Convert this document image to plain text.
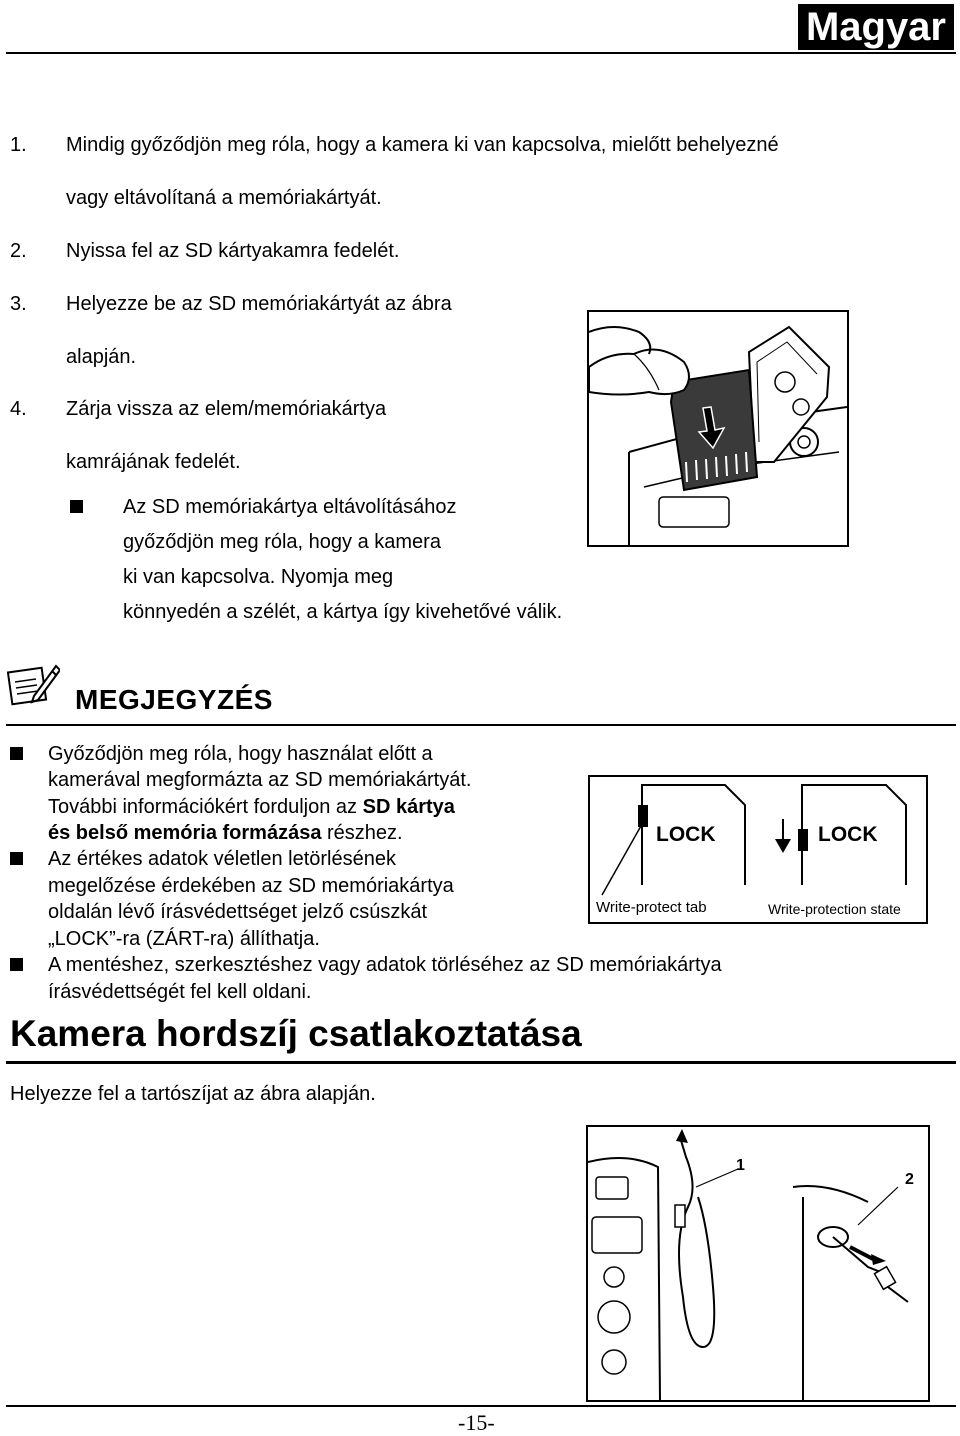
Magyar
1. Mindig győződjön meg róla, hogy a kamera ki van kapcsolva, mielőtt behelyezné
vagy eltávolítaná a memóriakártyát.
2. Nyissa fel az SD kártyakamra fedelét.
3. Helyezze be az SD memóriakártyát az ábra
alapján.
4. Zárja vissza az elem/memóriakártya
kamrájának fedelét.
Az SD memóriakártya eltávolításához
győződjön meg róla, hogy a kamera
ki van kapcsolva. Nyomja meg
könnyedén a szélét, a kártya így kivehetővé válik.
MEGJEGYZÉS
Győződjön meg róla, hogy használat előtt a
kamerával megformázta az SD memóriakártyát.
További információkért forduljon az SD kártya
és belső memória formázása részhez.
Az értékes adatok véletlen letörlésének
megelőzése érdekében az SD memóriakártya
oldalán lévő írásvédettséget jelző csúszkát
„LOCK”-ra (ZÁRT-ra) állíthatja.
A mentéshez, szerkesztéshez vagy adatok törléséhez az SD memóriakártya
írásvédettségét fel kell oldani.
LOCK	LOCK
Write-protect tab	Write-protection state
Kamera hordszíj csatlakoztatása
Helyezze fel a tartószíjat az ábra alapján.
1
2
-15-
